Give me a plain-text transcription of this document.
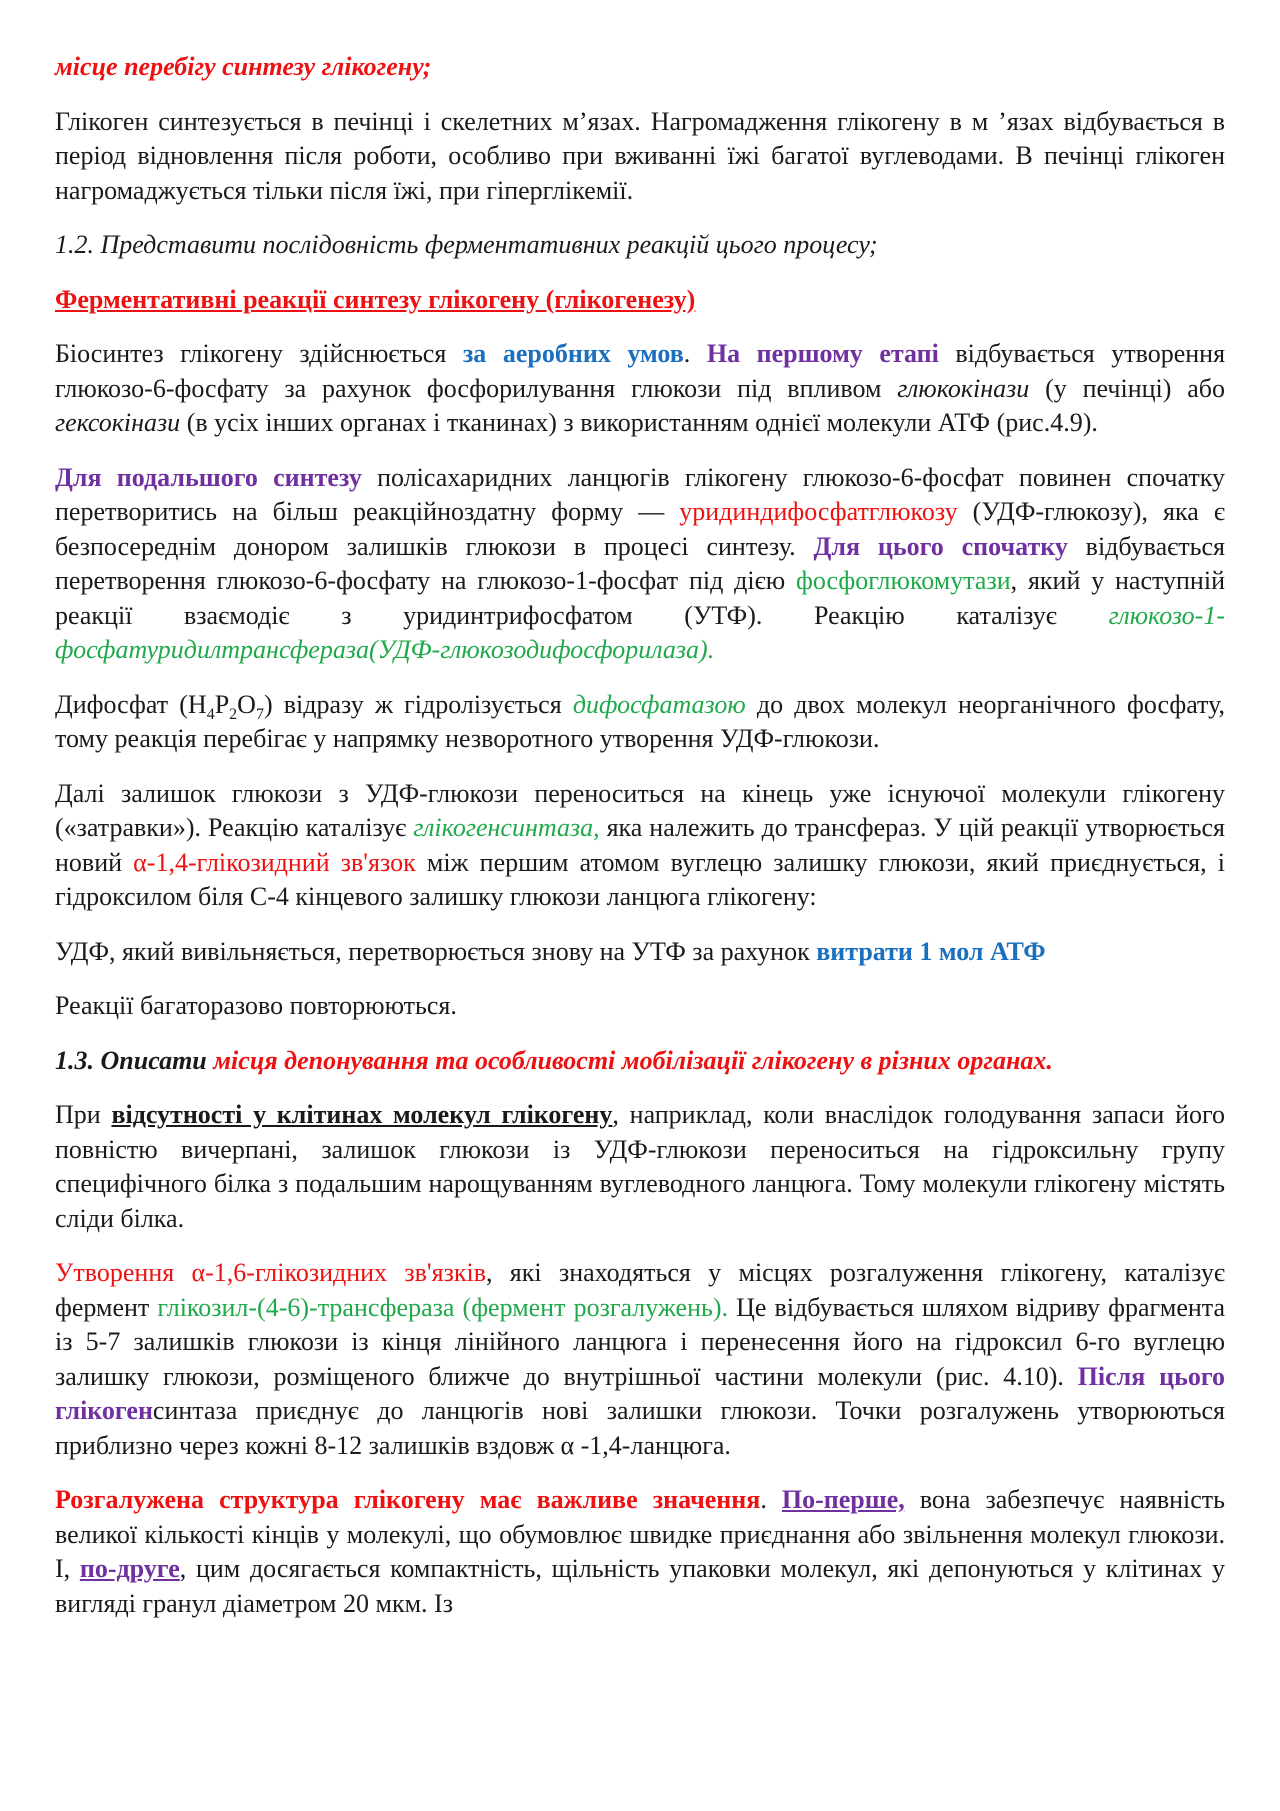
місце перебігу синтезу глікогену;

Глікоген синтезується в печінці і скелетних м’язах. Нагромадження глікогену в м ’язах відбувається в період відновлення після роботи, особливо при вживанні їжі багатої вуглеводами. В печінці глікоген нагромаджується тільки після їжі, при гіперглікемії.

1.2. Представити послідовність ферментативних реакцій цього процесу;

Ферментативні реакції синтезу глікогену (глікогенезу)

Біосинтез глікогену здійснюється за аеробних умов. На першому етапі відбувається утворення глюкозо-6-фосфату за рахунок фосфорилування глюкози під впливом глюкокінази (у печінці) або гексокінази (в усіх інших органах і тканинах) з використанням однієї молекули АТФ (рис.4.9).

Для подальшого синтезу полісахаридних ланцюгів глікогену глюкозо-6-фосфат повинен спочатку перетворитись на більш реакційноздатну форму — уридиндифосфатглюкозу (УДФ-глюкозу), яка є безпосереднім донором залишків глюкози в процесі синтезу. Для цього спочатку відбувається перетворення глюкозо-6-фосфату на глюкозо-1-фосфат під дією фосфоглюкомутази, який у наступній реакції взаємодіє з уридинтрифосфатом (УТФ). Реакцію каталізує глюкозо-1-фосфатуридилтрансфераза(УДФ-глюкозодифосфорилаза).

Дифосфат $(Н_4Р_2О_7)$ відразу ж гідролізується дифосфатазою до двох молекул неорганічного фосфату, тому реакція перебігає у напрямку незворотного утворення УДФ-глюкози.

Далі залишок глюкози з УДФ-глюкози переноситься на кінець уже існуючої молекули глікогену («затравки»). Реакцію каталізує глікогенсинтаза, яка належить до трансфераз. У цій реакції утворюється новий α-1,4-глікозидний зв'язок між першим атомом вуглецю залишку глюкози, який приєднується, і гідроксилом біля С-4 кінцевого залишку глюкози ланцюга глікогену:

УДФ, який вивільняється, перетворюється знову на УТФ за рахунок витрати 1 мол АТФ

Реакції багаторазово повторюються.

1.3. Описати місця депонування та особливості мобілізації глікогену в різних органах.

При відсутності у клітинах молекул глікогену, наприклад, коли внаслідок голодування запаси його повністю вичерпані, залишок глюкози із УДФ-глюкози переноситься на гідроксильну групу специфічного білка з подальшим нарощуванням вуглеводного ланцюга. Тому молекули глікогену містять сліди білка.

Утворення α-1,6-глікозидних зв'язків, які знаходяться у місцях розгалуження глікогену, каталізує фермент глікозил-(4-6)-трансфераза (фермент розгалужень). Це відбувається шляхом відриву фрагмента із 5-7 залишків глюкози із кінця лінійного ланцюга і перенесення його на гідроксил 6-го вуглецю залишку глюкози, розміщеного ближче до внутрішньої частини молекули (рис. 4.10). Після цього глікогенсинтаза приєднує до ланцюгів нові залишки глюкози. Точки розгалужень утворюються приблизно через кожні 8-12 залишків вздовж α -1,4-ланцюга.

Розгалужена структура глікогену має важливе значення. По-перше, вона забезпечує наявність великої кількості кінців у молекулі, що обумовлює швидке приєднання або звільнення молекул глюкози. І, по-друге, цим досягається компактність, щільність упаковки молекул, які депонуються у клітинах у вигляді гранул діаметром 20 мкм. Із
